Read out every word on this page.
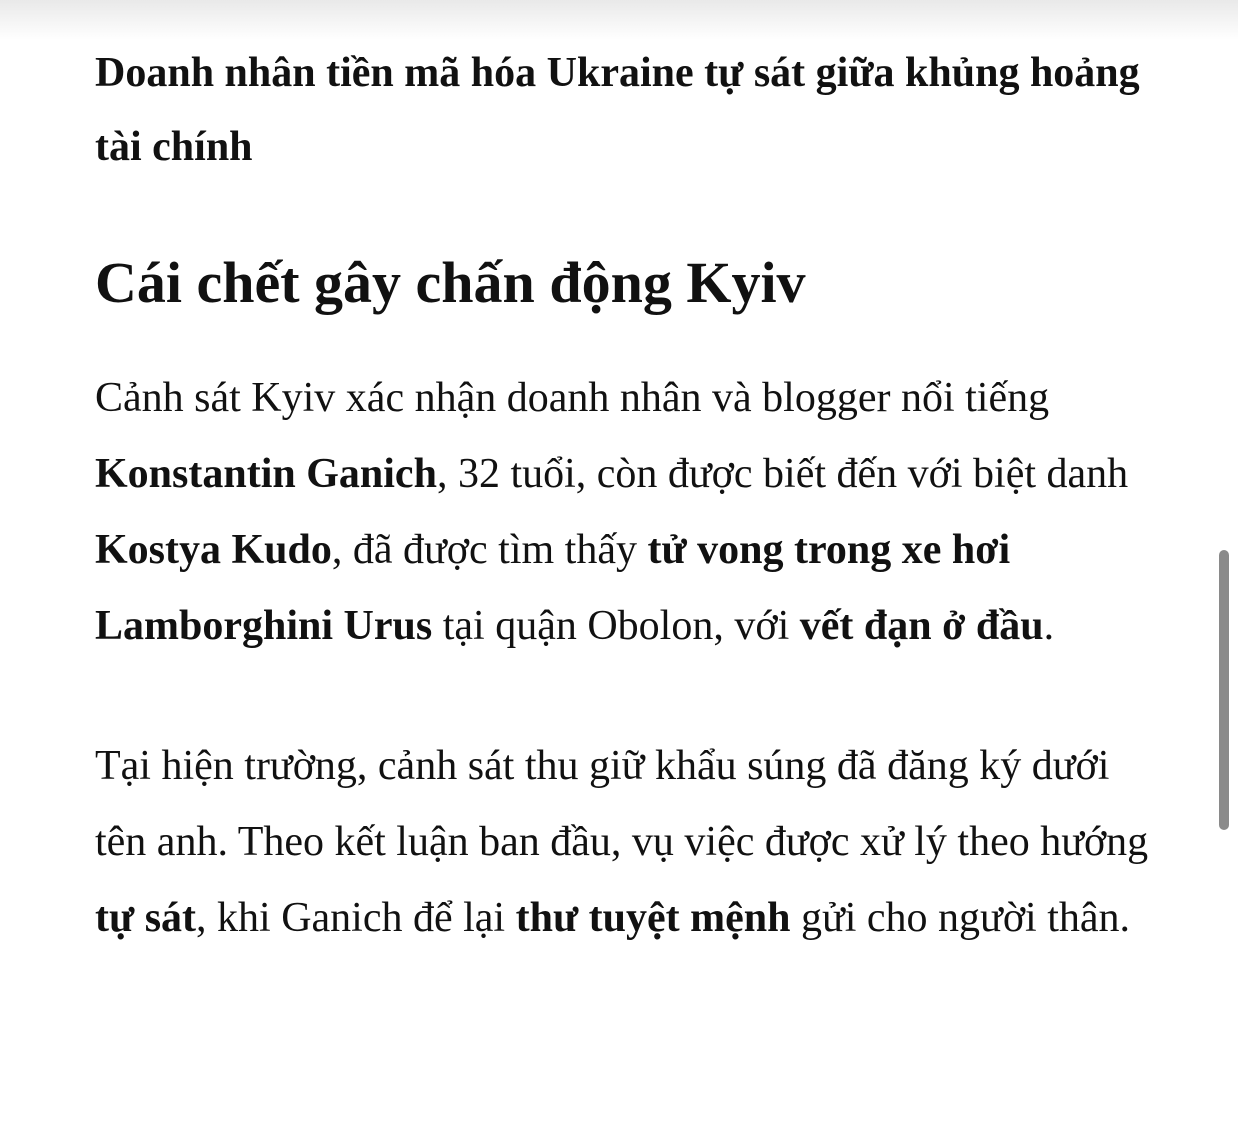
Doanh nhân tiền mã hóa Ukraine tự sát giữa khủng hoảng tài chính

Cái chết gây chấn động Kyiv

Cảnh sát Kyiv xác nhận doanh nhân và blogger nổi tiếng Konstantin Ganich, 32 tuổi, còn được biết đến với biệt danh Kostya Kudo, đã được tìm thấy tử vong trong xe hơi Lamborghini Urus tại quận Obolon, với vết đạn ở đầu.

Tại hiện trường, cảnh sát thu giữ khẩu súng đã đăng ký dưới tên anh. Theo kết luận ban đầu, vụ việc được xử lý theo hướng tự sát, khi Ganich để lại thư tuyệt mệnh gửi cho người thân.
